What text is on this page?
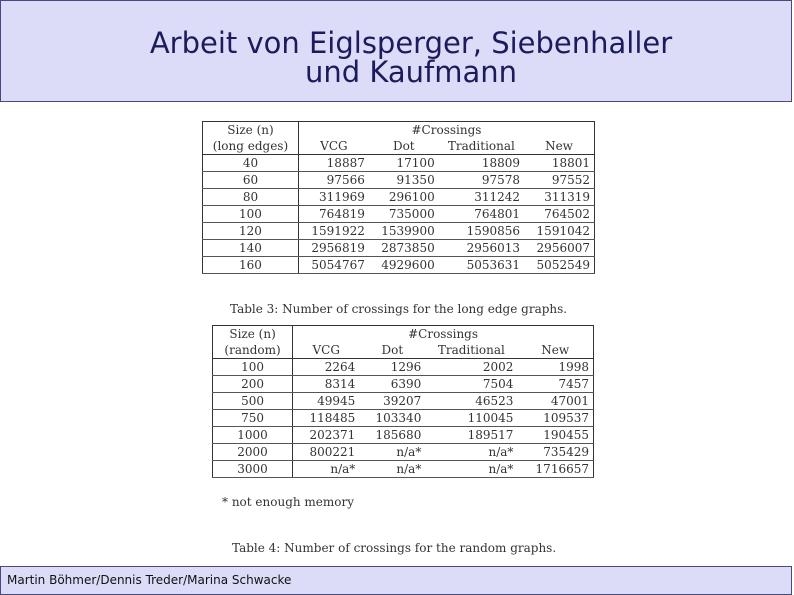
Arbeit von Eiglsperger, Siebenhaller
und Kaufmann
Size (n)	#Crossings			
(long edges)	VCG	Dot	Traditional	New
40	18887	17100	18809	18801
60	97566	91350	97578	97552
80	311969	296100	311242	311319
100	764819	735000	764801	764502
120	1591922	1539900	1590856	1591042
140	2956819	2873850	2956013	2956007
160	5054767	4929600	5053631	5052549
Table 3: Number of crossings for the long edge graphs.
Size (n)	#Crossings			
(random)	VCG	Dot	Traditional	New
100	2264	1296	2002	1998
200	8314	6390	7504	7457
500	49945	39207	46523	47001
750	118485	103340	110045	109537
1000	202371	185680	189517	190455
2000	800221	n/a*	n/a*	735429
3000	n/a*	n/a*	n/a*	1716657
* not enough memory
Table 4: Number of crossings for the random graphs.
Martin Böhmer/Dennis Treder/Marina Schwacke
